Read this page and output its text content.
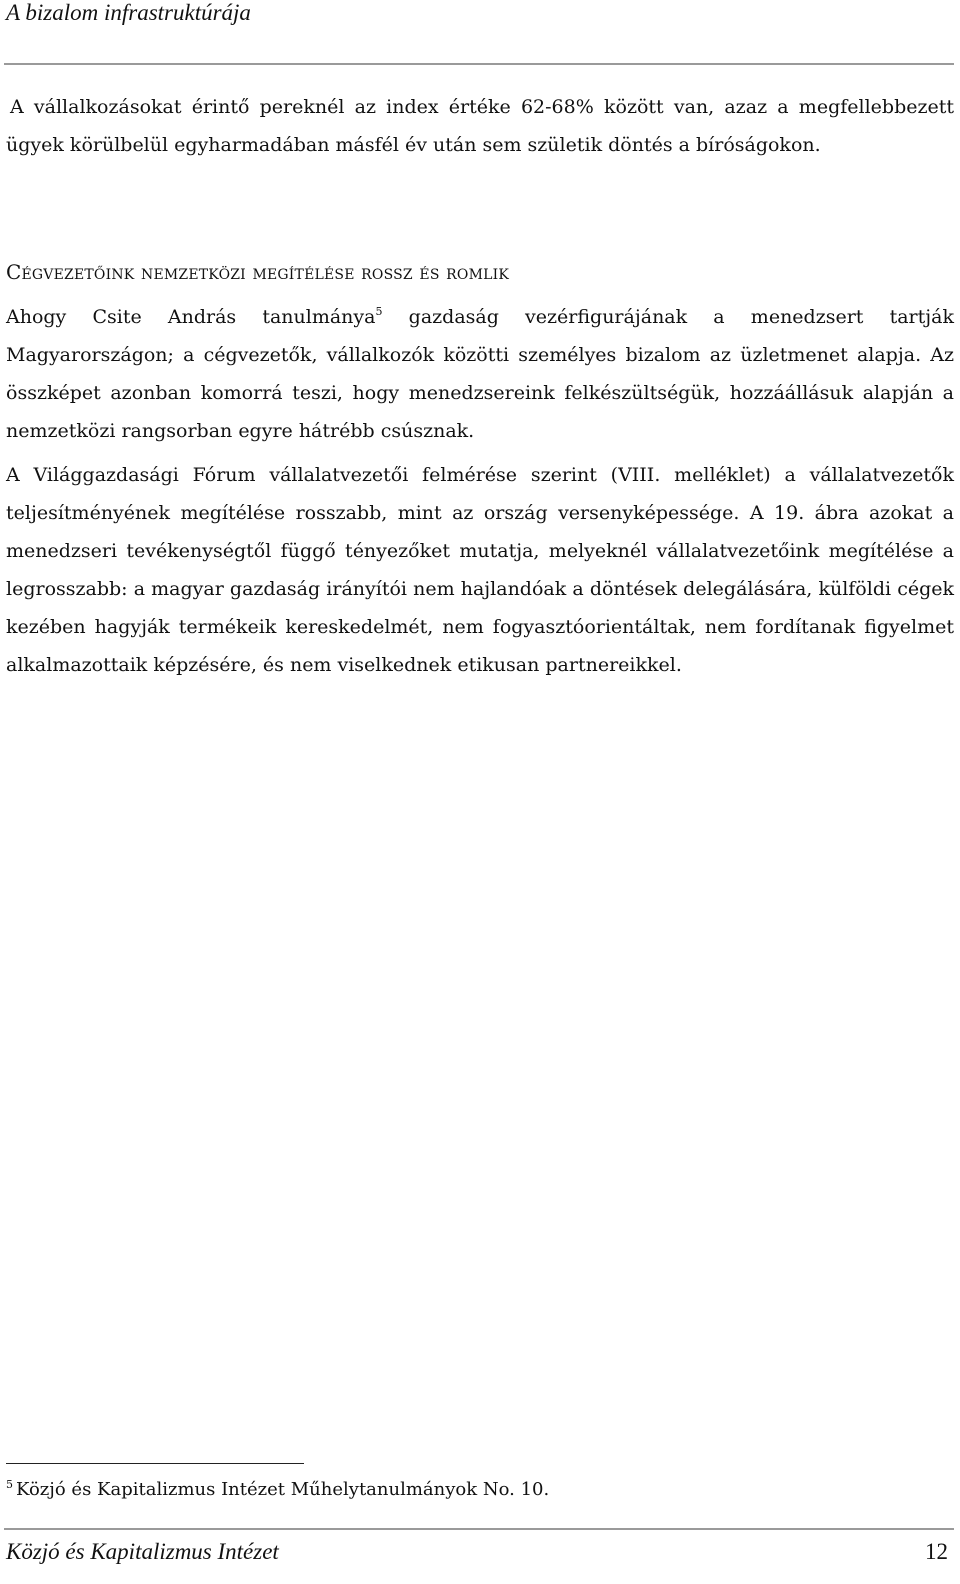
A bizalom infrastruktúrája

A vállalkozásokat érintő pereknél az index értéke 62-68% között van, azaz a megfellebbezett ügyek körülbelül egyharmadában másfél év után sem születik döntés a bíróságokon.

Cégvezetőink nemzetközi megítélése rossz és romlik

Ahogy Csite András tanulmánya$^5$ gazdaság vezérfigurájának a menedzsert tartják Magyarországon; a cégvezetők, vállalkozók közötti személyes bizalom az üzletmenet alapja. Az összképet azonban komorrá teszi, hogy menedzsereink felkészültségük, hozzáállásuk alapján a nemzetközi rangsorban egyre hátrébb csúsznak.

A Világgazdasági Fórum vállalatvezetői felmérése szerint (VIII. melléklet) a vállalatvezetők teljesítményének megítélése rosszabb, mint az ország versenyképessége. A 19. ábra azokat a menedzseri tevékenységtől függő tényezőket mutatja, melyeknél vállalatvezetőink megítélése a legrosszabb: a magyar gazdaság irányítói nem hajlandóak a döntések delegálására, külföldi cégek kezében hagyják termékeik kereskedelmét, nem fogyasztóorientáltak, nem fordítanak figyelmet alkalmazottaik képzésére, és nem viselkednek etikusan partnereikkel.

$^5$ Közjó és Kapitalizmus Intézet Műhelytanulmányok No. 10.
Közjó és Kapitalizmus Intézet	12
